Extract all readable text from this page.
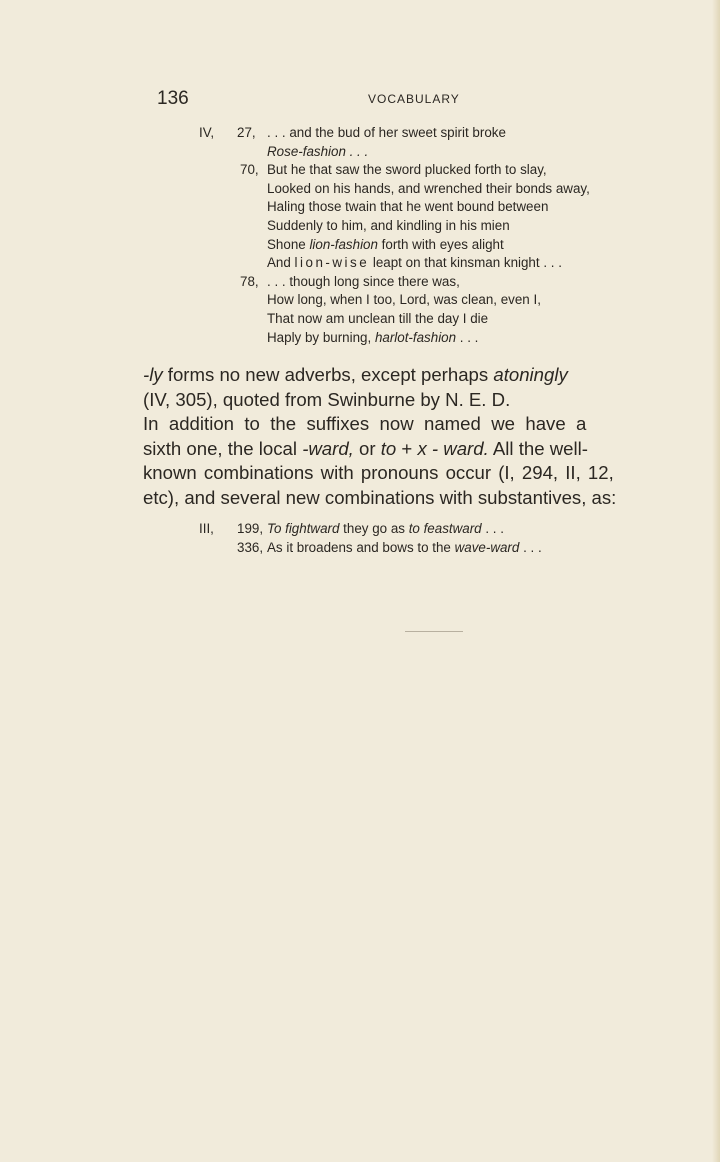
136	VOCABULARY
IV,	27, . . . and the bud of her sweet spirit broke
Rose-fashion . . .
70, But he that saw the sword plucked forth to slay,
Looked on his hands, and wrenched their bonds away,
Haling those twain that he went bound between
Suddenly to him, and kindling in his mien
Shone lion-fashion forth with eyes alight
And lion-wise leapt on that kinsman knight . . .
78, . . . though long since there was,
How long, when I too, Lord, was clean, even I,
That now am unclean till the day I die
Haply by burning, harlot-fashion . . .
-ly forms no new adverbs, except perhaps atoningly
(IV, 305), quoted from Swinburne by N. E. D.
In addition to the suffixes now named we have a
sixth one, the local -ward, or to + x - ward. All the well-
known combinations with pronouns occur (I, 294, II, 12,
etc), and several new combinations with substantives, as:
III,	199, To fightward they go as to feastward . . .
336, As it broadens and bows to the wave-ward . . .
